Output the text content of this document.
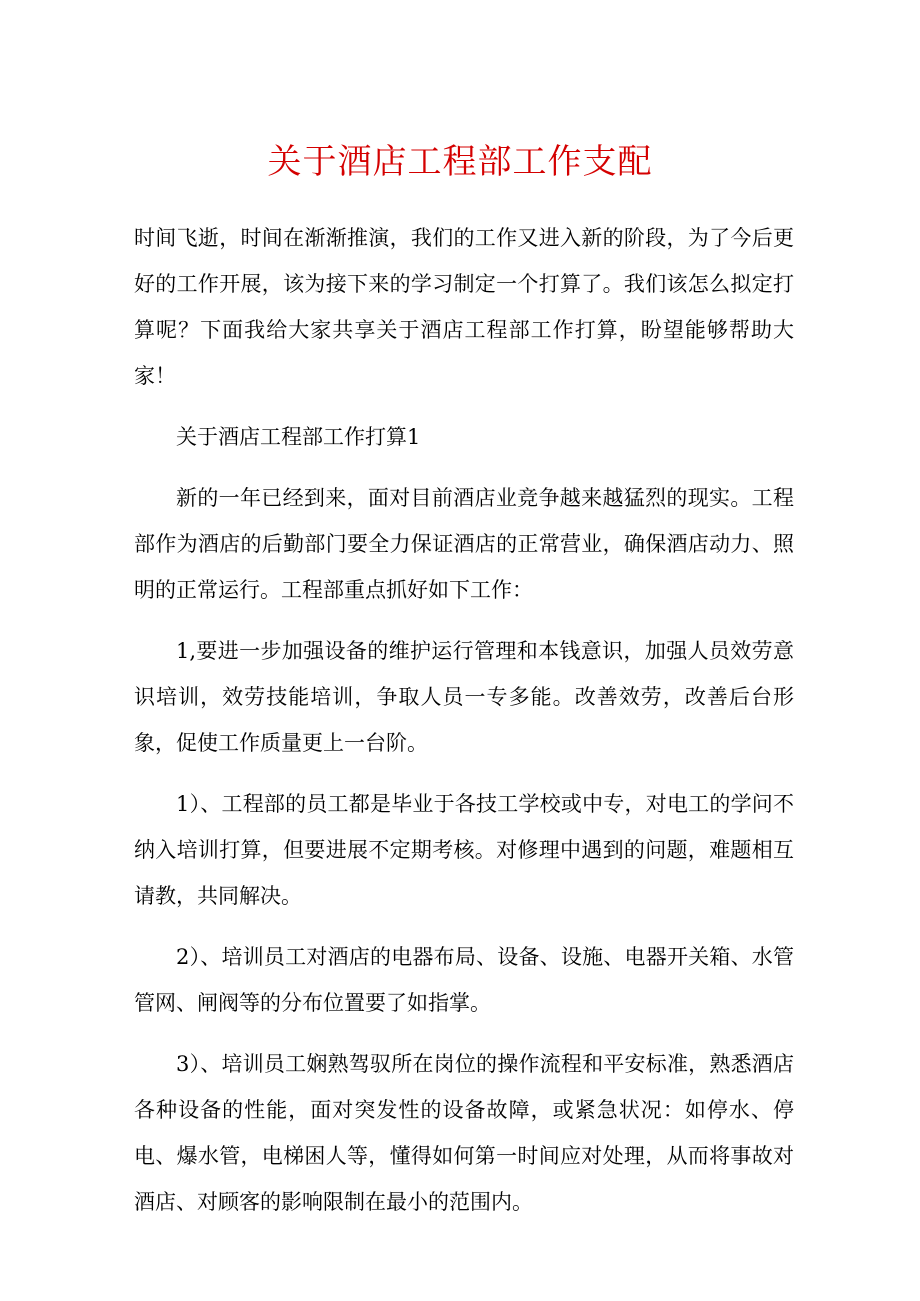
关于酒店工程部工作支配

时间飞逝，时间在渐渐推演，我们的工作又进入新的阶段，为了今后更好的工作开展，该为接下来的学习制定一个打算了。我们该怎么拟定打算呢？下面我给大家共享关于酒店工程部工作打算，盼望能够帮助大家！

关于酒店工程部工作打算1

新的一年已经到来，面对目前酒店业竞争越来越猛烈的现实。工程部作为酒店的后勤部门要全力保证酒店的正常营业，确保酒店动力、照明的正常运行。工程部重点抓好如下工作：

1,要进一步加强设备的维护运行管理和本钱意识，加强人员效劳意识培训，效劳技能培训，争取人员一专多能。改善效劳，改善后台形象，促使工作质量更上一台阶。

1）、工程部的员工都是毕业于各技工学校或中专，对电工的学问不纳入培训打算，但要进展不定期考核。对修理中遇到的问题，难题相互请教，共同解决。

2）、培训员工对酒店的电器布局、设备、设施、电器开关箱、水管管网、闸阀等的分布位置要了如指掌。

3）、培训员工娴熟驾驭所在岗位的操作流程和平安标准，熟悉酒店各种设备的性能，面对突发性的设备故障，或紧急状况：如停水、停电、爆水管，电梯困人等，懂得如何第一时间应对处理，从而将事故对酒店、对顾客的影响限制在最小的范围内。
